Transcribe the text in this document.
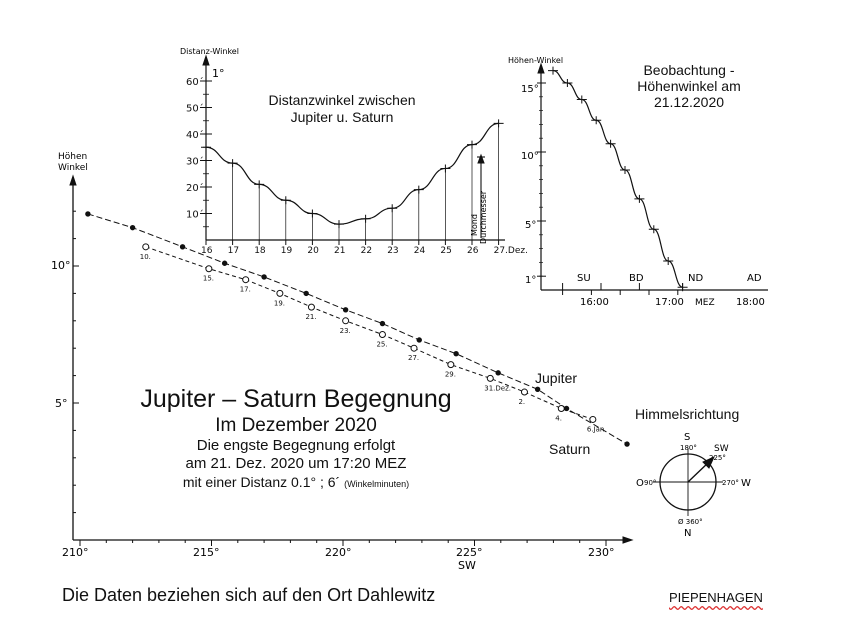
Höhen
Winkel
10°
5°
210°	215°	220°	225°	230°
SW
10.
15.
17.
19.
21.
23.
25.
27.
29.
31.Dez.
2.
4.
6.Jan
Distanz-Winkel
1°
10´
20´
30´
40´
50´
60´
16 17 18 19 20 21 22 23 24 25 26 27.Dez.
Mond Durchmesser
Höhen-Winkel
15°
10°
5°
1°	SU	BD	ND	AD
16:00	17:00 MEZ 18:00
S
180° SW
225°
270° W
O 90°
Ø 360°
N
Distanzwinkel zwischen Jupiter u. Saturn
Beobachtung - Höhenwinkel am 21.12.2020
Jupiter
Saturn
Himmelsrichtung
Jupiter – Saturn Begegnung
Im Dezember 2020
Die engste Begegnung erfolgt
am 21. Dez. 2020 um 17:20 MEZ
mit einer Distanz 0.1° ; 6´ (Winkelminuten)
Die Daten beziehen sich auf den Ort Dahlewitz	PIEPENHAGEN
